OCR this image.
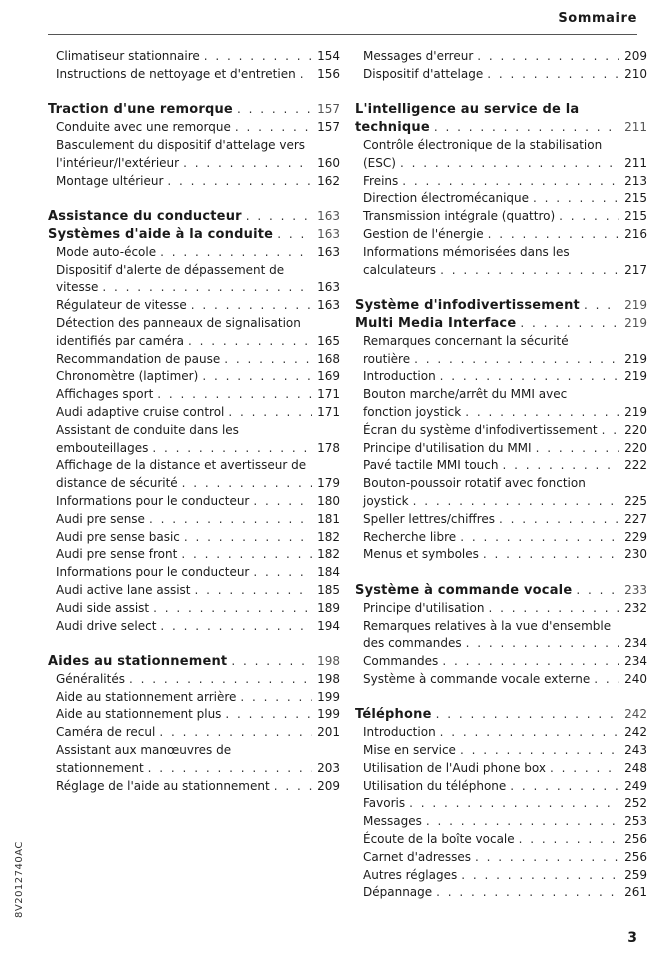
Sommaire
Climatiseur stationnaire . . .	154
Instructions de nettoyage et d'entretien . . . 156
Traction d'une remorque . . .	157
Conduite avec une remorque . . .	157
Basculement du dispositif d'attelage vers
l'intérieur/l'extérieur . . .	160
Montage ultérieur . . .	162
Assistance du conducteur . . .	163
Systèmes d'aide à la conduite . . .	163
Mode auto-école . . .	163
Dispositif d'alerte de dépassement de
vitesse . . .	163
Régulateur de vitesse . . .	163
Détection des panneaux de signalisation
identifiés par caméra . . .	165
Recommandation de pause . . .	168
Chronomètre (laptimer) . . .	169
Affichages sport . . .	171
Audi adaptive cruise control . . .	171
Assistant de conduite dans les
embouteillages . . .	178
Affichage de la distance et avertisseur de
distance de sécurité . . .	179
Informations pour le conducteur . . .	180
Audi pre sense . . .	181
Audi pre sense basic . . .	182
Audi pre sense front . . .	182
Informations pour le conducteur . . .	184
Audi active lane assist . . .	185
Audi side assist . . .	189
Audi drive select . . .	194
Aides au stationnement . . .	198
Généralités . . .	198
Aide au stationnement arrière . . .	199
Aide au stationnement plus . . .	199
Caméra de recul . . .	201
Assistant aux manœuvres de
stationnement . . .	203
Réglage de l'aide au stationnement . . .	209
Messages d'erreur . . .	209
Dispositif d'attelage . . .	210
L'intelligence au service de la
technique . . .	211
Contrôle électronique de la stabilisation
(ESC) . . .	211
Freins . . .	213
Direction électromécanique . . .	215
Transmission intégrale (quattro) . . .	215
Gestion de l'énergie . . .	216
Informations mémorisées dans les
calculateurs . . .	217
Système d'infodivertissement . . .	219
Multi Media Interface . . .	219
Remarques concernant la sécurité
routière . . .	219
Introduction . . .	219
Bouton marche/arrêt du MMI avec
fonction joystick . . .	219
Écran du système d'infodivertissement . . . 220
Principe d'utilisation du MMI . . .	220
Pavé tactile MMI touch . . .	222
Bouton-poussoir rotatif avec fonction
joystick . . .	225
Speller lettres/chiffres . . .	227
Recherche libre . . .	229
Menus et symboles . . .	230
Système à commande vocale . . .	233
Principe d'utilisation . . .	232
Remarques relatives à la vue d'ensemble
des commandes . . .	234
Commandes . . .	234
Système à commande vocale externe . . .	240
Téléphone . . .	242
Introduction . . .	242
Mise en service . . .	243
Utilisation de l'Audi phone box . . .	248
Utilisation du téléphone . . .	249
Favoris . . .	252
Messages . . .	253
Écoute de la boîte vocale . . .	256
Carnet d'adresses . . .	256
Autres réglages . . .	259
Dépannage . . .	261
8V2012740AC
3
